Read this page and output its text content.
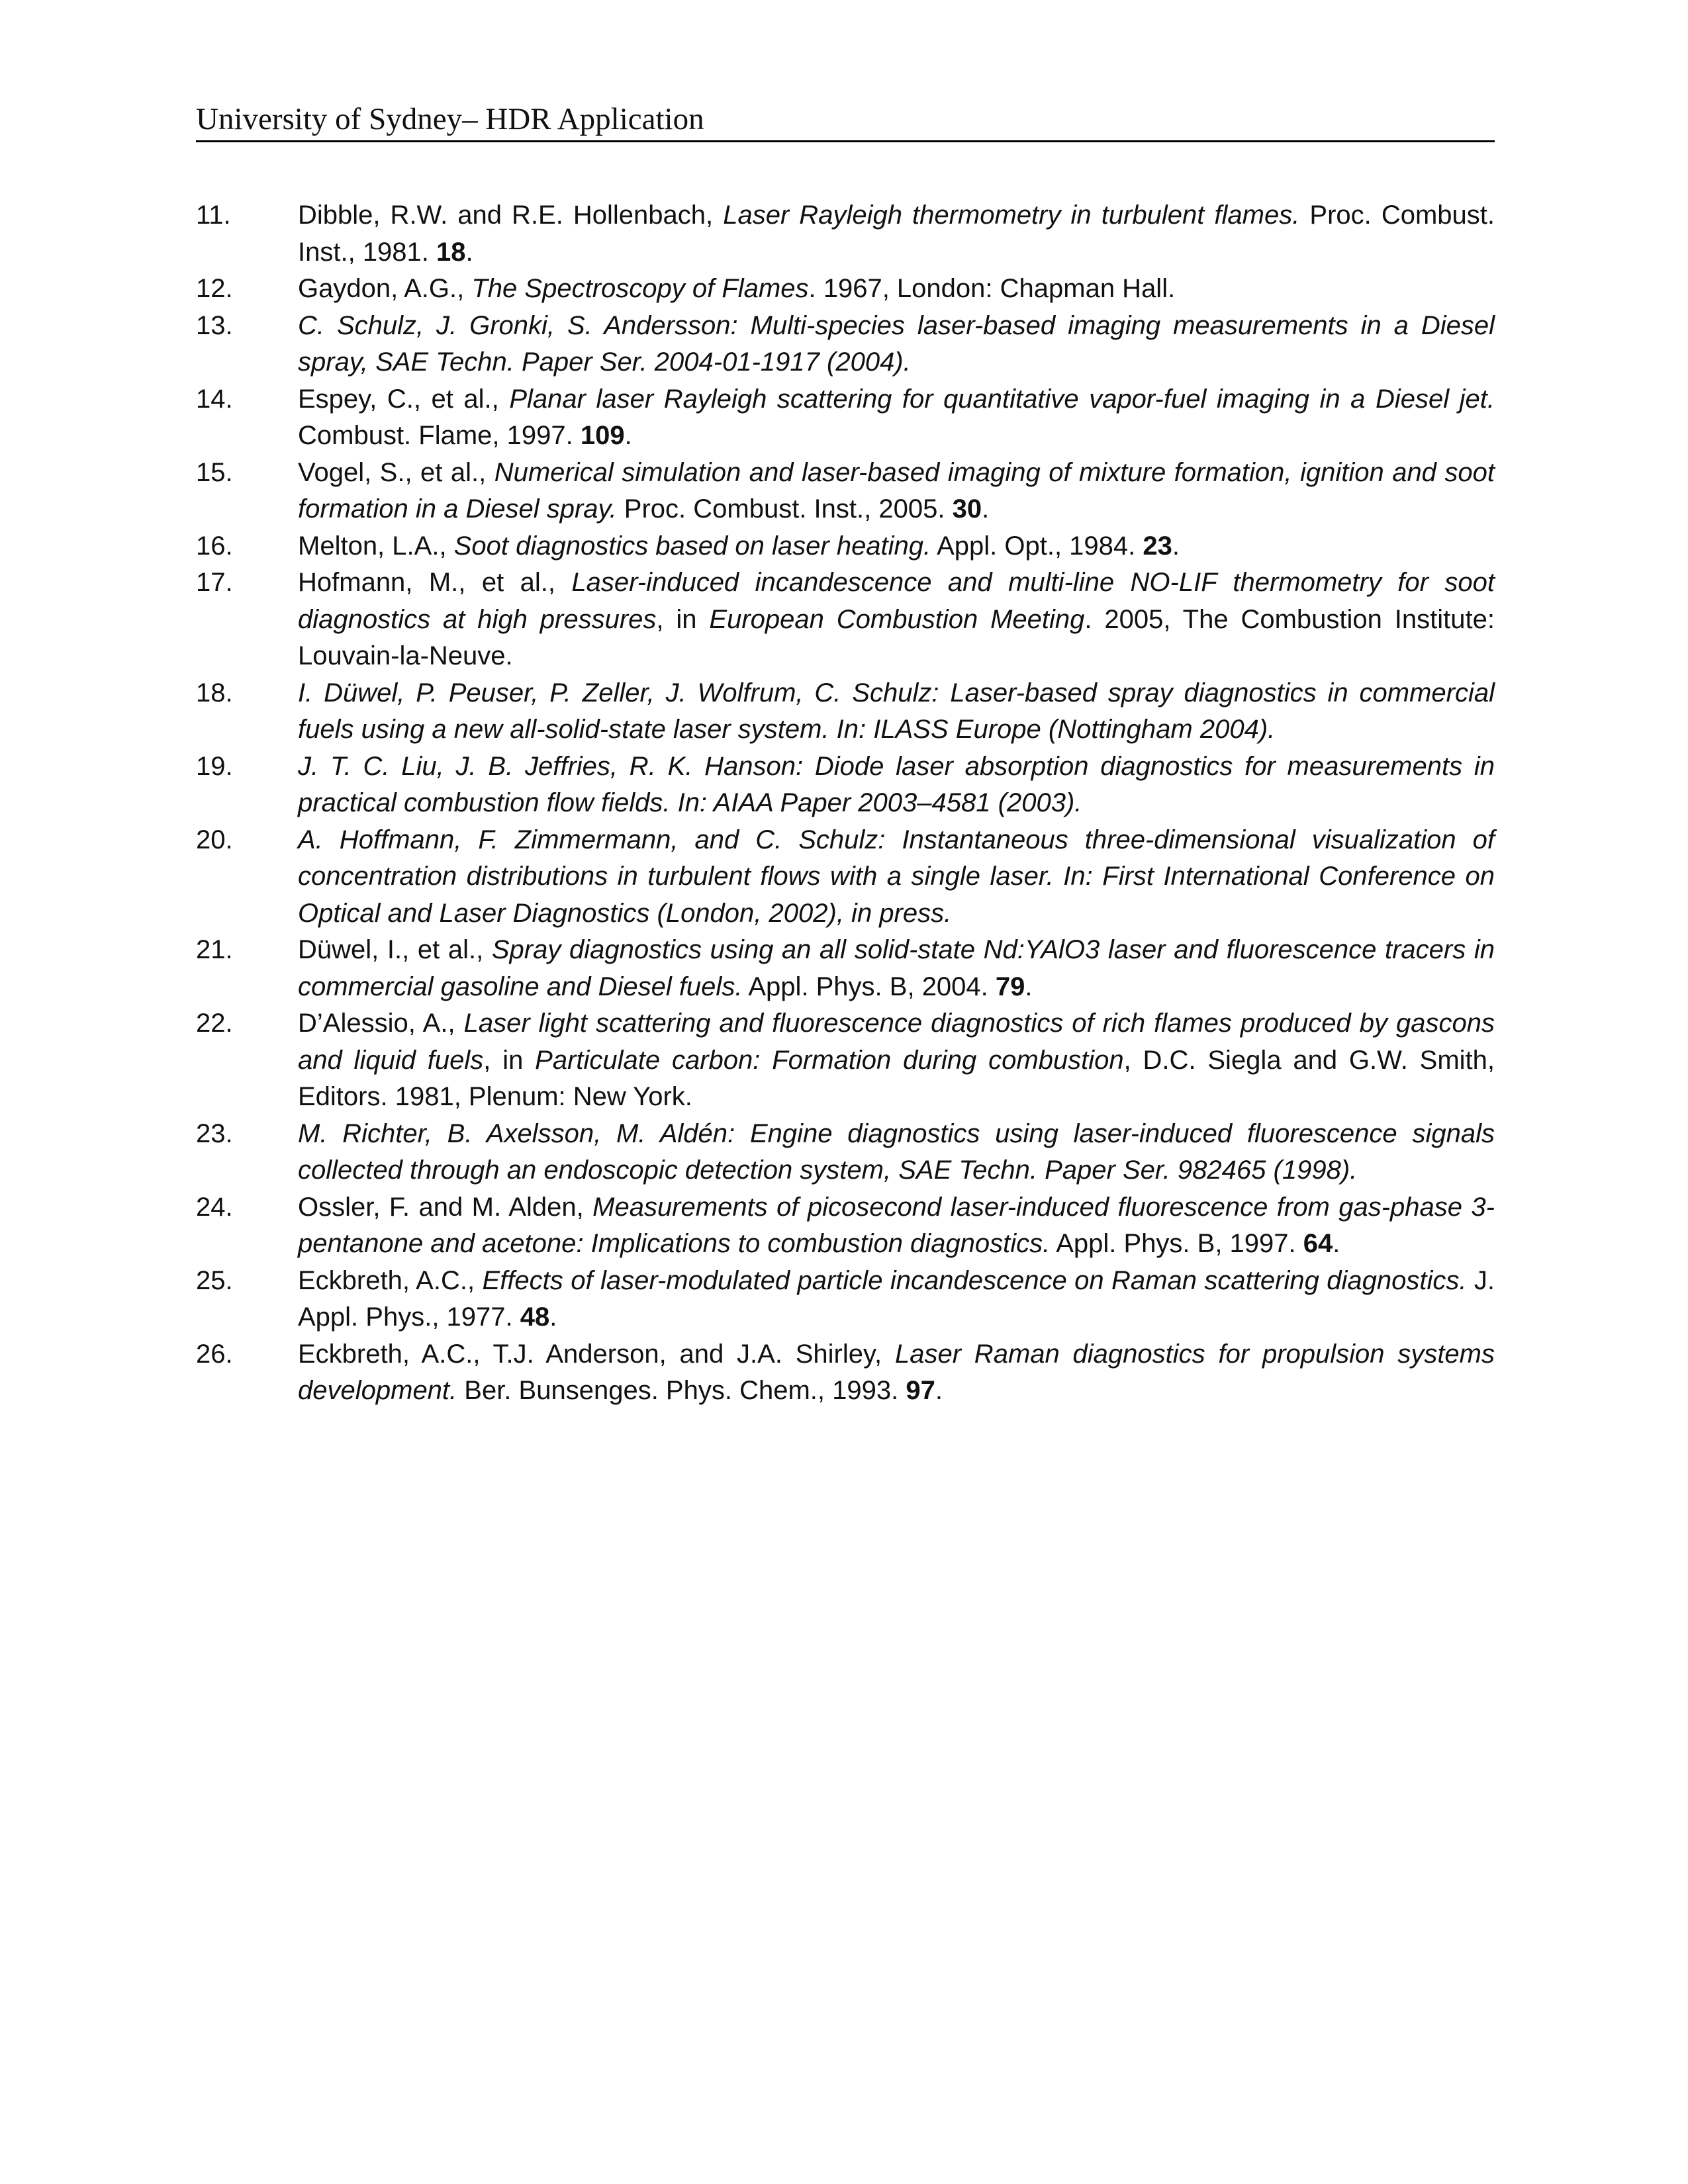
University of Sydney– HDR Application
11.	Dibble, R.W. and R.E. Hollenbach, Laser Rayleigh thermometry in turbulent flames. Proc. Combust. Inst., 1981. 18.
12.	Gaydon, A.G., The Spectroscopy of Flames. 1967, London: Chapman Hall.
13.	C. Schulz, J. Gronki, S. Andersson: Multi-species laser-based imaging measurements in a Diesel spray, SAE Techn. Paper Ser. 2004-01-1917 (2004).
14.	Espey, C., et al., Planar laser Rayleigh scattering for quantitative vapor-fuel imaging in a Diesel jet. Combust. Flame, 1997. 109.
15.	Vogel, S., et al., Numerical simulation and laser-based imaging of mixture formation, ignition and soot formation in a Diesel spray. Proc. Combust. Inst., 2005. 30.
16.	Melton, L.A., Soot diagnostics based on laser heating. Appl. Opt., 1984. 23.
17.	Hofmann, M., et al., Laser-induced incandescence and multi-line NO-LIF thermometry for soot diagnostics at high pressures, in European Combustion Meeting. 2005, The Combustion Institute: Louvain-la-Neuve.
18.	I. Düwel, P. Peuser, P. Zeller, J. Wolfrum, C. Schulz: Laser-based spray diagnostics in commercial fuels using a new all-solid-state laser system. In: ILASS Europe (Nottingham 2004).
19.	J. T. C. Liu, J. B. Jeffries, R. K. Hanson: Diode laser absorption diagnostics for measurements in practical combustion flow fields. In: AIAA Paper 2003–4581 (2003).
20.	A. Hoffmann, F. Zimmermann, and C. Schulz: Instantaneous three-dimensional visualization of concentration distributions in turbulent flows with a single laser. In: First International Conference on Optical and Laser Diagnostics (London, 2002), in press.
21.	Düwel, I., et al., Spray diagnostics using an all solid-state Nd:YAlO3 laser and fluorescence tracers in commercial gasoline and Diesel fuels. Appl. Phys. B, 2004. 79.
22.	D’Alessio, A., Laser light scattering and fluorescence diagnostics of rich flames produced by gascons and liquid fuels, in Particulate carbon: Formation during combustion, D.C. Siegla and G.W. Smith, Editors. 1981, Plenum: New York.
23.	M. Richter, B. Axelsson, M. Aldén: Engine diagnostics using laser-induced fluorescence signals collected through an endoscopic detection system, SAE Techn. Paper Ser. 982465 (1998).
24.	Ossler, F. and M. Alden, Measurements of picosecond laser-induced fluorescence from gas-phase 3-pentanone and acetone: Implications to combustion diagnostics. Appl. Phys. B, 1997. 64.
25.	Eckbreth, A.C., Effects of laser-modulated particle incandescence on Raman scattering diagnostics. J. Appl. Phys., 1977. 48.
26.	Eckbreth, A.C., T.J. Anderson, and J.A. Shirley, Laser Raman diagnostics for propulsion systems development. Ber. Bunsenges. Phys. Chem., 1993. 97.
